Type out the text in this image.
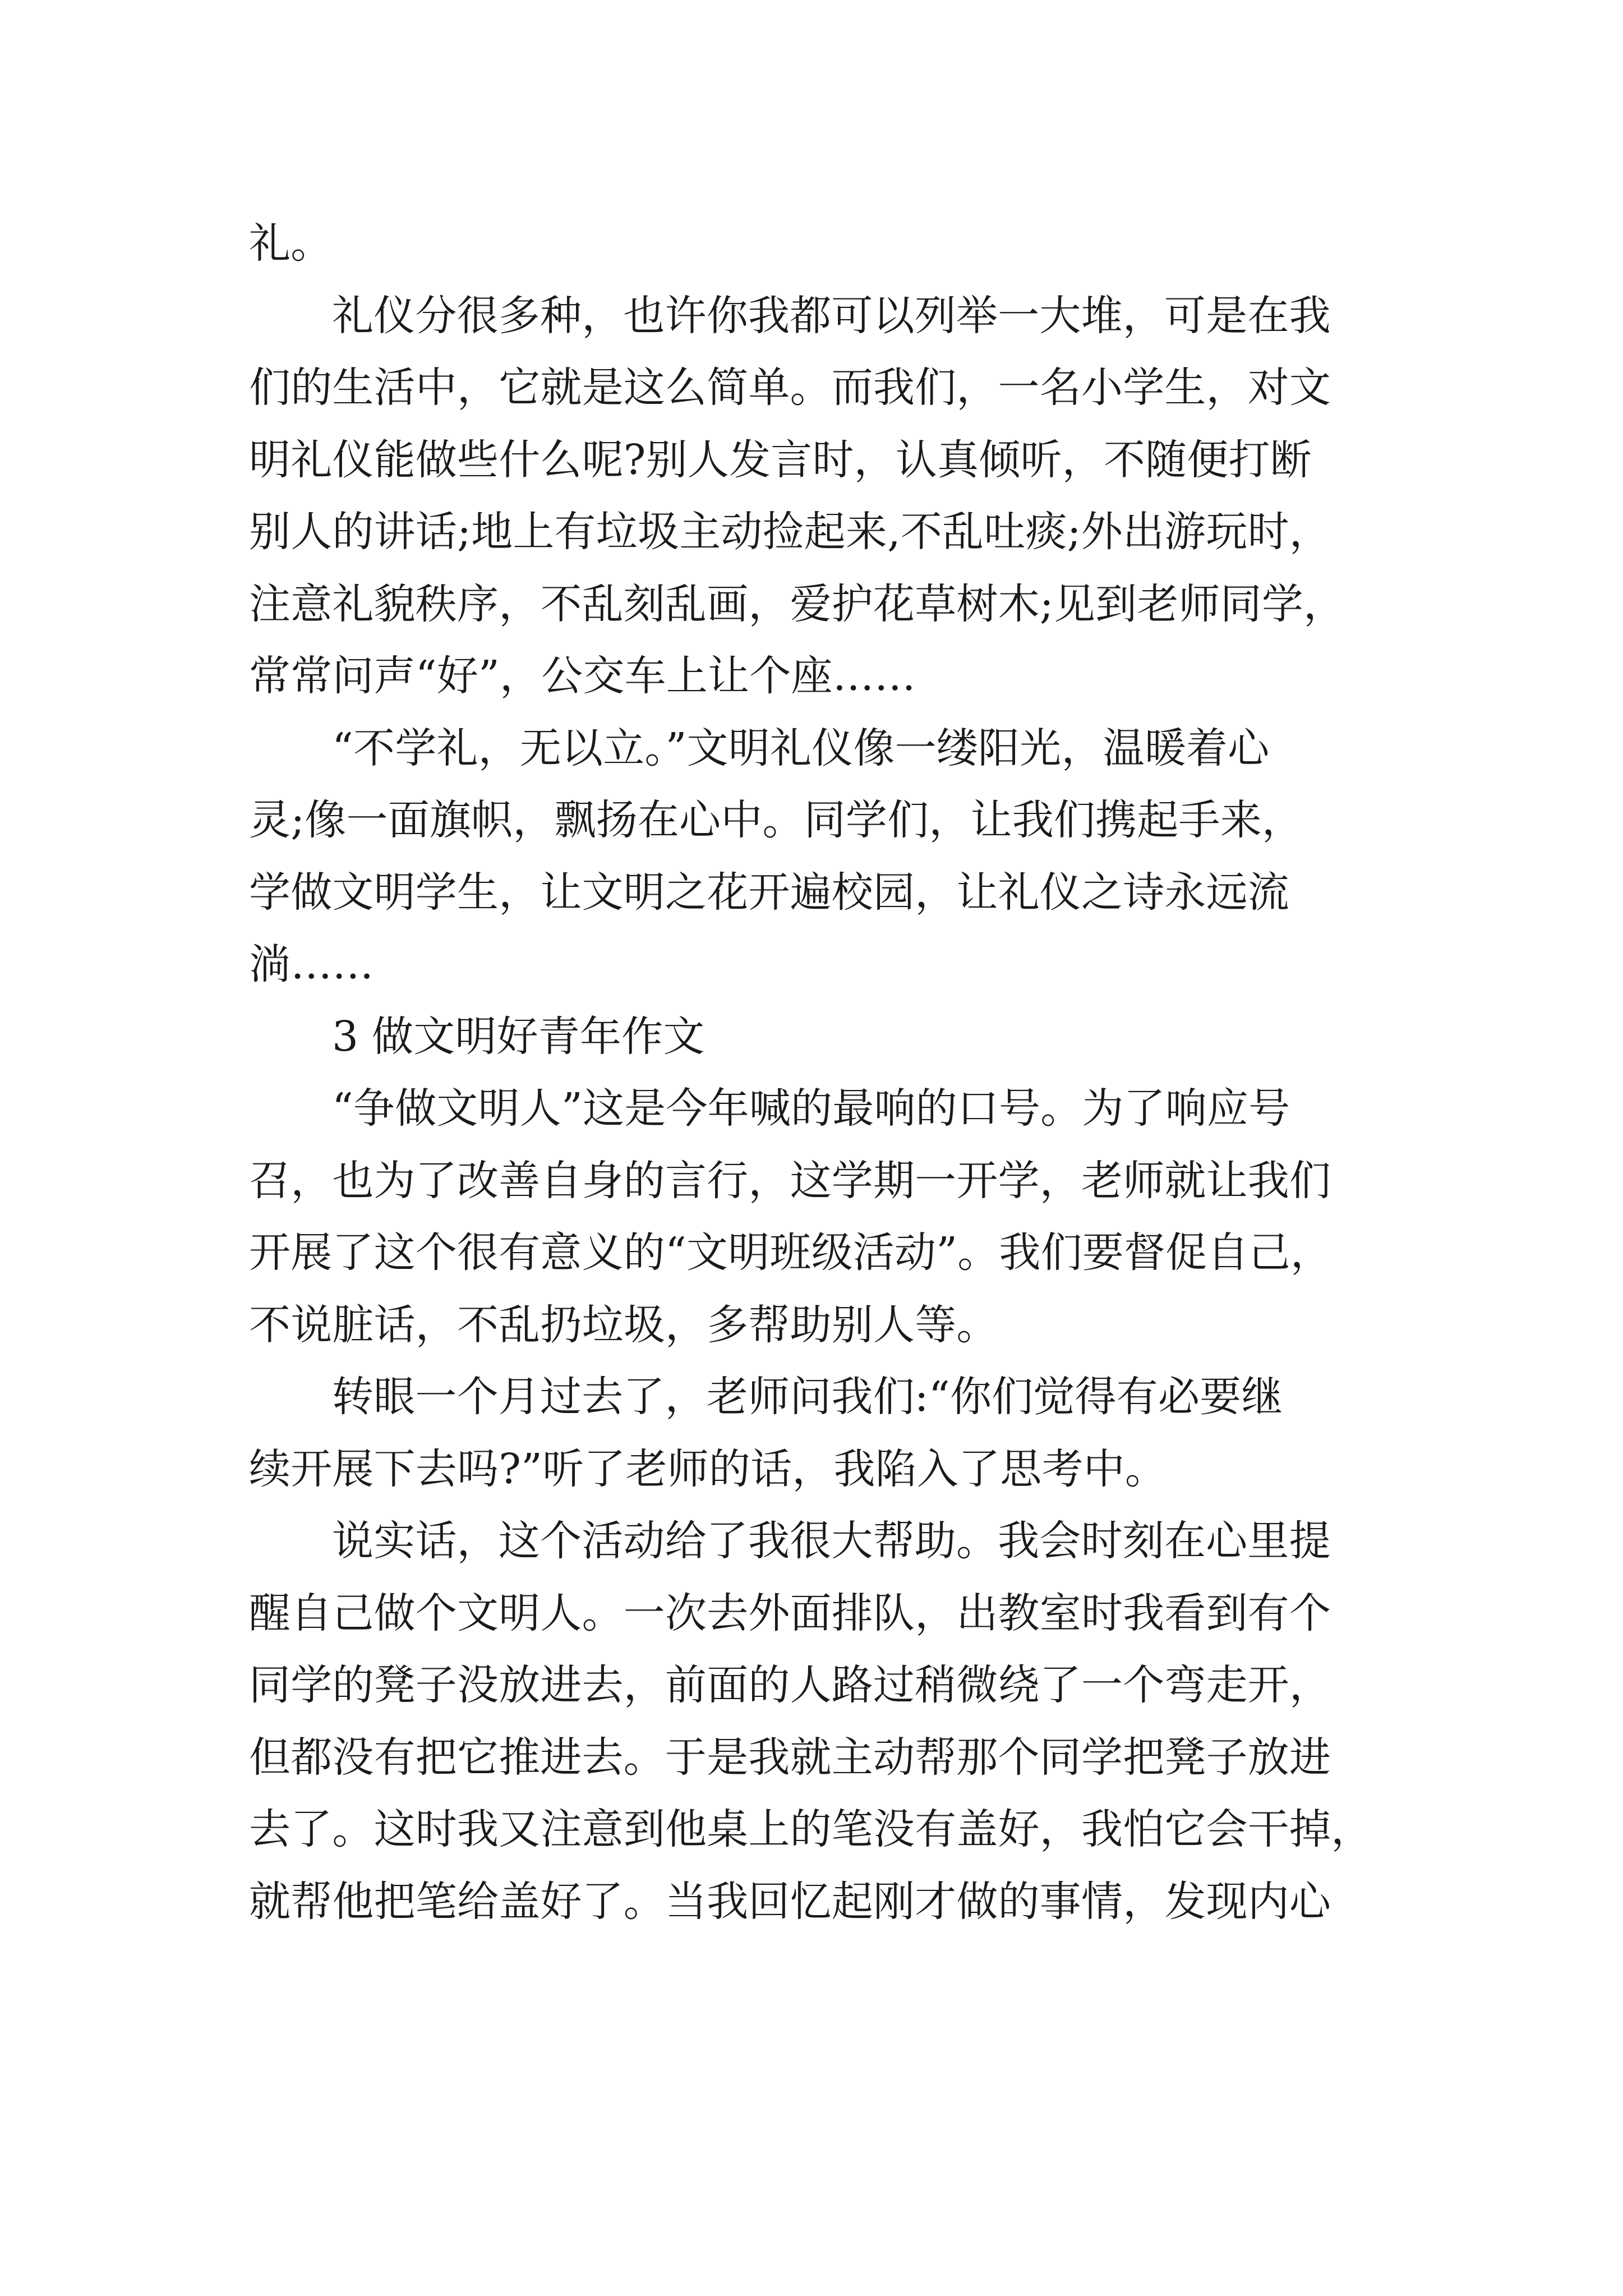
礼。
礼仪分很多种，也许你我都可以列举一大堆，可是在我
们的生活中，它就是这么简单。而我们，一名小学生，对文
明礼仪能做些什么呢?别人发言时，认真倾听，不随便打断
别人的讲话;地上有垃圾主动捡起来,不乱吐痰;外出游玩时，
注意礼貌秩序，不乱刻乱画，爱护花草树木;见到老师同学，
常常问声“好”，公交车上让个座……
“不学礼，无以立。”文明礼仪像一缕阳光，温暖着心
灵;像一面旗帜，飘扬在心中。同学们，让我们携起手来，
学做文明学生，让文明之花开遍校园，让礼仪之诗永远流
淌……
3 做文明好青年作文
“争做文明人”这是今年喊的最响的口号。为了响应号
召，也为了改善自身的言行，这学期一开学，老师就让我们
开展了这个很有意义的“文明班级活动”。我们要督促自己，
不说脏话，不乱扔垃圾，多帮助别人等。
转眼一个月过去了，老师问我们:“你们觉得有必要继
续开展下去吗?”听了老师的话，我陷入了思考中。
说实话，这个活动给了我很大帮助。我会时刻在心里提
醒自己做个文明人。一次去外面排队，出教室时我看到有个
同学的凳子没放进去，前面的人路过稍微绕了一个弯走开，
但都没有把它推进去。于是我就主动帮那个同学把凳子放进
去了。这时我又注意到他桌上的笔没有盖好，我怕它会干掉，
就帮他把笔给盖好了。当我回忆起刚才做的事情，发现内心
